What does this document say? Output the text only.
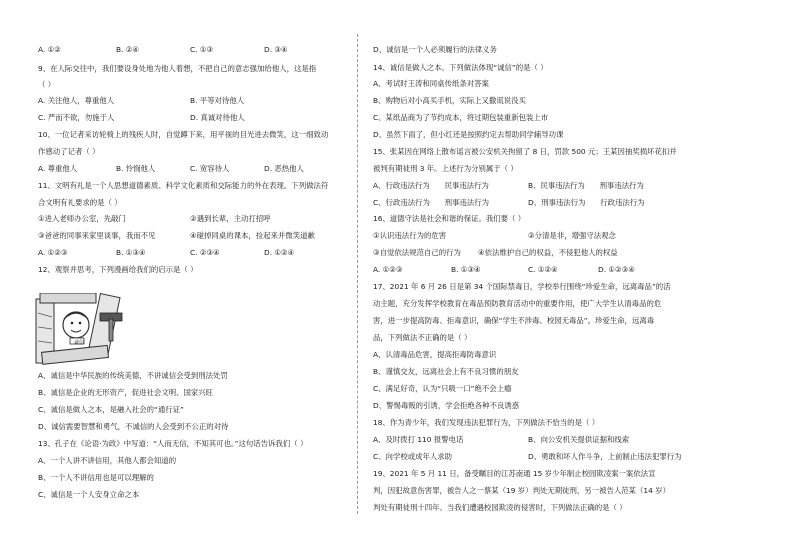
A. ①②	B. ②④	C. ①③	D. ③④
9、在人际交往中，我们要设身处地为他人着想，不把自己的意志强加给他人，这是指
（ ）
A. 关注他人，尊重他人	B. 平等对待他人
C. 严而不欲，勿施于人	D. 真诚对待他人
10、一位记者采访轮椅上的残疾人时，自觉蹲下来，用平视的目光进去微笑，这一细致动
作感动了记者（ ）
A. 尊重他人	B. 怜悯他人	C. 宽容待人	D. 恶热他人
11、文明有礼是一个人思想道德素质、科学文化素质和交际能力的外在表现。下列做法符
合文明有礼要求的是（ ）
①进入老师办公室，先敲门	②遇到长辈，主动打招呼
③爸爸的同事来家里谈事，我而不见	④碰掉同桌的课本，捡起来并微笑道歉
A. ①②③	B. ①③④	C. ②③④	D. ①②④
12、观察并思考，下列漫画给我们的启示是（ ）
诚信
A、诚信是中华民族的传统美德，不讲诚信会受到刑法处罚
B、诚信是企业的无形资产，促进社会文明、国家兴旺
C、诚信是做人之本，是融入社会的“通行证”
D、诚信需要智慧和勇气，不诚信的人会受到不公正的对待
13、孔子在《论语·为政》中写道：“人而无信，不知其可也。”这句话告诉我们（ ）
A、一个人讲不讲信用，其他人都会知道的
B、一个人不讲信用也是可以理解的
C、诚信是一个人安身立命之本
D、诚信是一个人必须履行的法律义务
14、诚信是做人之本。下列做法体现“诚信”的是（ ）
A、考试时王涛和同桌传纸条对答案
B、购物后对小高买手机，实际上又撒谎说没买
C、某纸品商为了节约成本，将过期包装重新包装上市
D、虽然下雨了，但小红还是按照约定去帮助同学辅导功课
15、张某因在网络上散布谣言被公安机关拘留了 8 日，罚款 500 元；王某因抽奖损坏花扣并
被判有期徒刑 3 年。上述行为分别属于（ ）
A、行政违法行为　　民事违法行为	B、民事违法行为　　刑事违法行为
C、行政违法行为　　刑事违法行为	D、刑事违法行为　　行政违法行为
16、道德守法是社会和谐的保证。我们要（ ）
①认识违法行为的危害	②分清是非，增强守法观念
③自觉依法规范自己的行为 ④依法维护自己的权益，不侵犯他人的权益
A. ①②③	B. ①③④	C. ①②④	D. ①②③④
17、2021 年 6 月 26 日是第 34 个国际禁毒日，学校举行围绕“珍爱生命，远离毒品”的活
动主题，充分发挥学校教育在毒品预防教育活动中的重要作用，使广大学生认清毒品的危
害，进一步提高防毒、拒毒意识，确保“学生不涉毒、校园无毒品”。珍爱生命，远离毒
品，下列做法不正确的是（ ）
A、认清毒品危害，提高拒毒防毒意识
B、谨慎交友，远离社会上有不良习惯的朋友
C、满足好奇，认为“只吸一口”绝不会上瘾
D、警惕毒贩的引诱，学会拒绝各种不良诱惑
18、作为青少年，我们发现违法犯罪行为，下列做法不恰当的是（ ）
A、及时拨打 110 报警电话	B、向公安机关提供证据和线索
C、向学校或成年人求助	D、勇敢和坏人作斗争，上前制止违法犯罪行为
19、2021 年 5 月 11 日，备受瞩目的江苏南通 15 岁少年制止校园欺凌案一案依法宣
判，因犯故意伤害罪，被告人之一蔡某（19 岁）判处无期徒刑，另一被告人范某（14 岁）
判处有期徒刑十四年。当我们遭遇校园欺凌的侵害时，下列做法正确的是（ ）
